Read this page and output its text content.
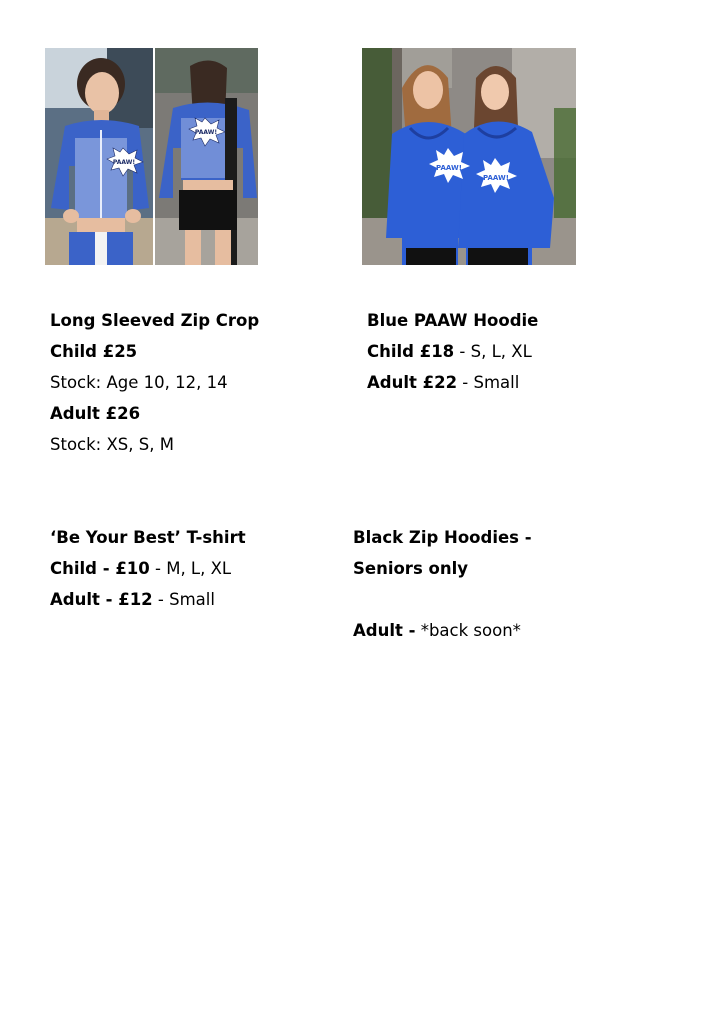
PAAW!
PAAW!
PAAW!
PAAW!
Long Sleeved Zip Crop
Child £25
Stock: Age 10, 12, 14
Adult £26
Stock: XS, S, M
Blue PAAW Hoodie
Child £18 - S, L, XL
Adult £22 - Small
‘Be Your Best’ T-shirt
Child - £10 - M, L, XL
Adult - £12 - Small
Black Zip Hoodies -
Seniors only

Adult - *back soon*
